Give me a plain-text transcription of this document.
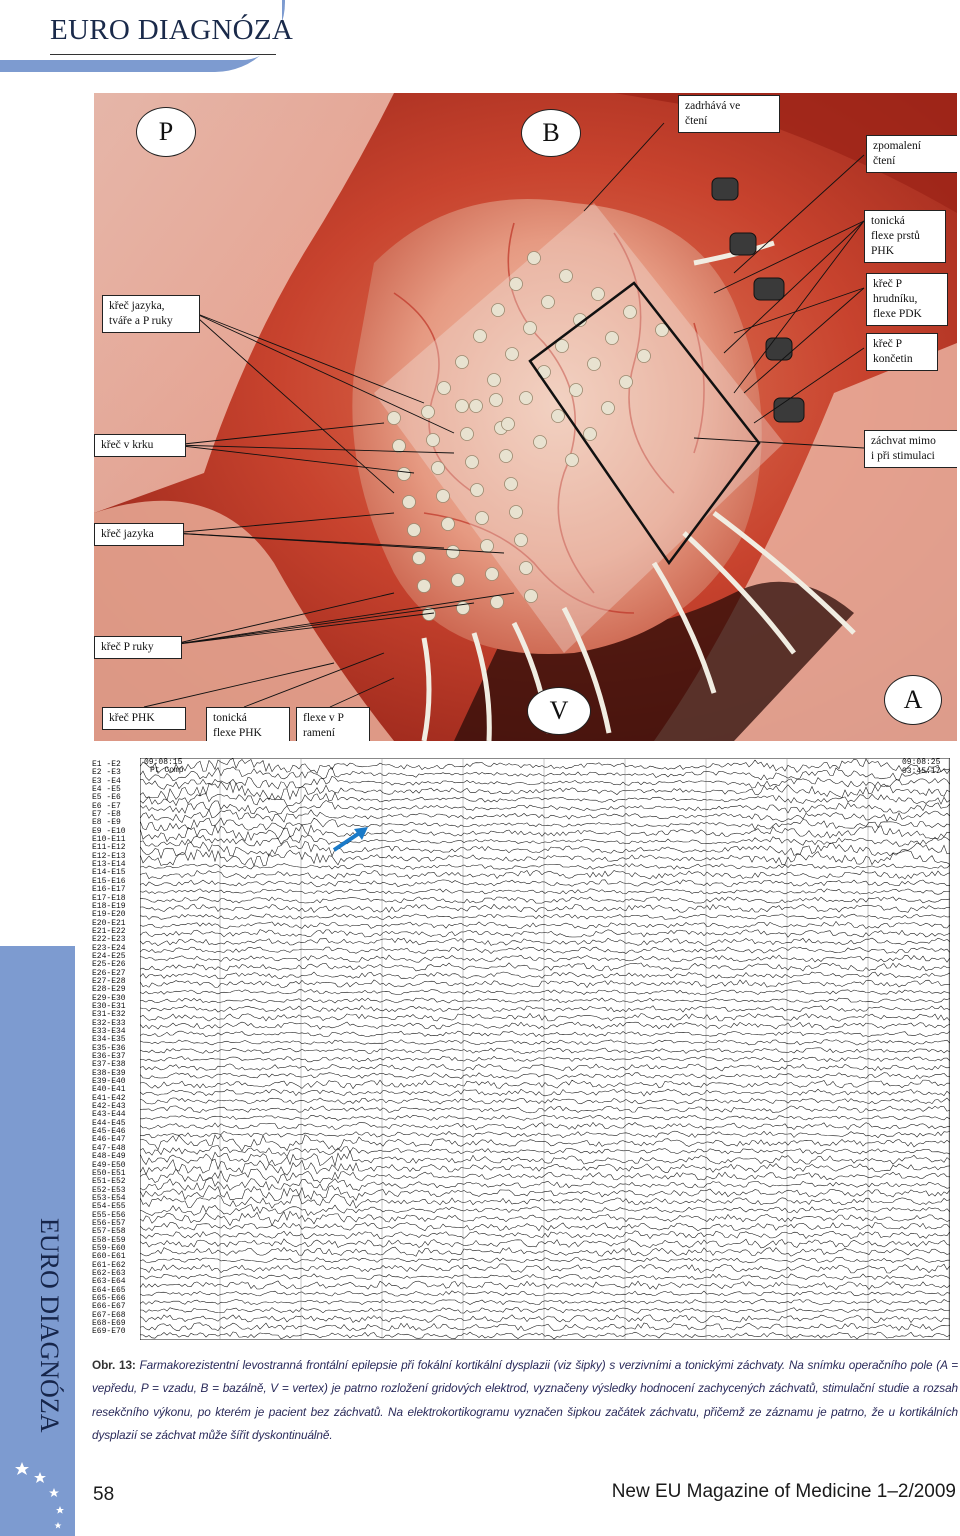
EURO DIAGNÓZA
EURO DIAGNÓZA
P	B
V	A
zadrhává ve
čtení
zpomalení
čtení
tonická
flexe prstů
PHK
křeč P
hrudníku,
flexe PDK
křeč P
končetin
záchvat mimo
i při stimulaci
křeč jazyka,
tváře a P ruky
křeč v krku
křeč jazyka
křeč P ruky
křeč PHK	tonická
flexe PHK
flexe v P
ramení
E1 -E2
E2 -E3
E3 -E4
E4 -E5
E5 -E6
E6 -E7
E7 -E8
E8 -E9
E9 -E10
E10-E11
E11-E12
E12-E13
E13-E14
E14-E15
E15-E16
E16-E17
E17-E18
E18-E19
E19-E20
E20-E21
E21-E22
E22-E23
E23-E24
E24-E25
E25-E26
E26-E27
E27-E28
E28-E29
E29-E30
E30-E31
E31-E32
E32-E33
E33-E34
E34-E35
E35-E36
E36-E37
E37-E38
E38-E39
E39-E40
E40-E41
E41-E42
E42-E43
E43-E44
E44-E45
E45-E46
E46-E47
E47-E48
E48-E49
E49-E50
E50-E51
E51-E52
E52-E53
E53-E54
E54-E55
E55-E56
E56-E57
E57-E58
E58-E59
E59-E60
E60-E61
E61-E62
E62-E63
E63-E64
E64-E65
E65-E66
E66-E67
E67-E68
E68-E69
E69-E70
09:08:15
Pt Comp
09:08:25
03:45:17
Obr. 13: Farmakorezistentní levostranná frontální epilepsie při fokální kortikální dysplazii (viz šipky) s verzivními a tonickými záchvaty. Na snímku operačního pole (A = vepředu, P = vzadu, B = bazálně, V = vertex) je patrno rozložení gridových elektrod, vyznačeny výsledky hodnocení zachycených záchvatů, stimulační studie a rozsah resekčního výkonu, po kterém je pacient bez záchvatů. Na elektrokortikogramu vyznačen šipkou začátek záchvatu, přičemž ze záznamu je patrno, že u kortikálních dysplazií se záchvat může šířit dyskontinuálně.
58	New EU Magazine of Medicine 1–2/2009
